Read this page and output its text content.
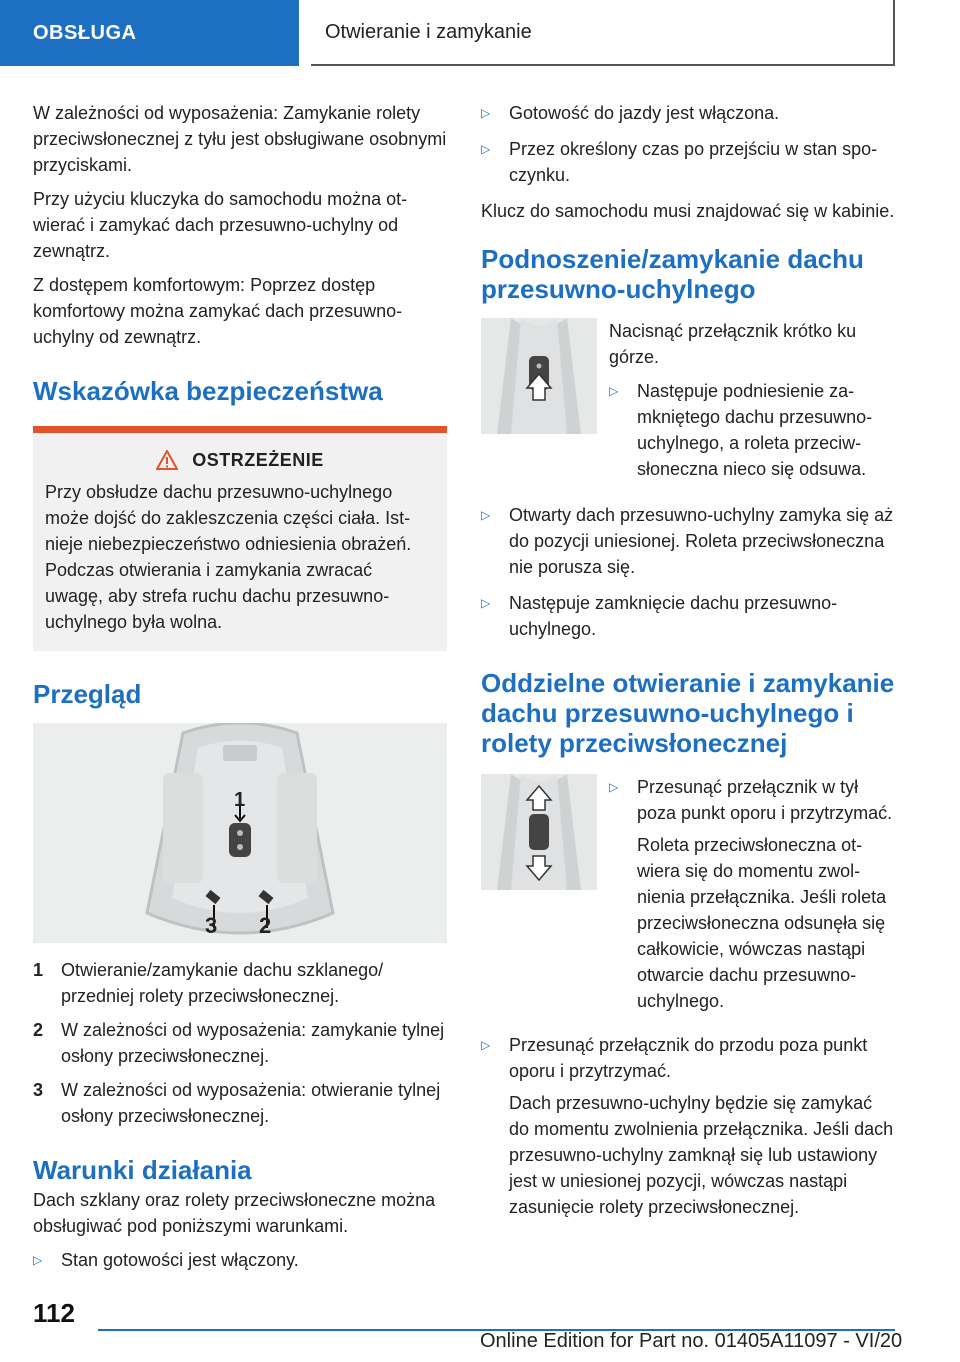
OBSŁUGA	Otwieranie i zamykanie

W zależności od wyposażenia: Zamykanie rolety przeciwsłonecznej z tyłu jest obsługiwane osobnymi przyciskami.

Przy użyciu kluczyka do samochodu można otwierać i zamykać dach przesuwno-uchylny od zewnątrz.

Z dostępem komfortowym: Poprzez dostęp komfortowy można zamykać dach przesuwno-uchylny od zewnątrz.

Wskazówka bezpieczeństwa
OSTRZEŻENIE
Przy obsłudze dachu przesuwno-uchylnego może dojść do zakleszczenia części ciała. Istnieje niebezpieczeństwo odniesienia obrażeń. Podczas otwierania i zamykania zwracać uwagę, aby strefa ruchu dachu przesuwno-uchylnego była wolna.
Przegląd
1
3 2
1 Otwieranie/zamykanie dachu szklanego/ przedniej rolety przeciwsłonecznej.
2 W zależności od wyposażenia: zamykanie tylnej osłony przeciwsłonecznej.
3 W zależności od wyposażenia: otwieranie tylnej osłony przeciwsłonecznej.
Warunki działania

Dach szklany oraz rolety przeciwsłoneczne można obsługiwać pod poniższymi warunkami.

▷	Stan gotowości jest włączony.
▷	Gotowość do jazdy jest włączona.
▷	Przez określony czas po przejściu w stan spoczynku.

Klucz do samochodu musi znajdować się w kabinie.

Podnoszenie/zamykanie dachu przesuwno-uchylnego

Nacisnąć przełącznik krótko ku górze.

▷	Następuje podniesienie zamkniętego dachu przesuwno-uchylnego, a roleta przeciwsłoneczna nieco się odsuwa.
▷	Otwarty dach przesuwno-uchylny zamyka się aż do pozycji uniesionej. Roleta przeciwsłoneczna nie porusza się.
▷	Następuje zamknięcie dachu przesuwno-uchylnego.
Oddzielne otwieranie i zamykanie dachu przesuwno-uchylnego i rolety przeciwsłonecznej
▷	Przesunąć przełącznik w tył poza punkt oporu i przytrzymać.

Roleta przeciwsłoneczna otwiera się do momentu zwolnienia przełącznika. Jeśli roleta przeciwsłoneczna odsunęła się całkowicie, wówczas nastąpi otwarcie dachu przesuwno-uchylnego.

▷	Przesunąć przełącznik do przodu poza punkt oporu i przytrzymać.

Dach przesuwno-uchylny będzie się zamykać do momentu zwolnienia przełącznika. Jeśli dach przesuwno-uchylny zamknął się lub ustawiony jest w uniesionej pozycji, wówczas nastąpi zasunięcie rolety przeciwsłonecznej.

112
Online Edition for Part no. 01405A11097 - VI/20
